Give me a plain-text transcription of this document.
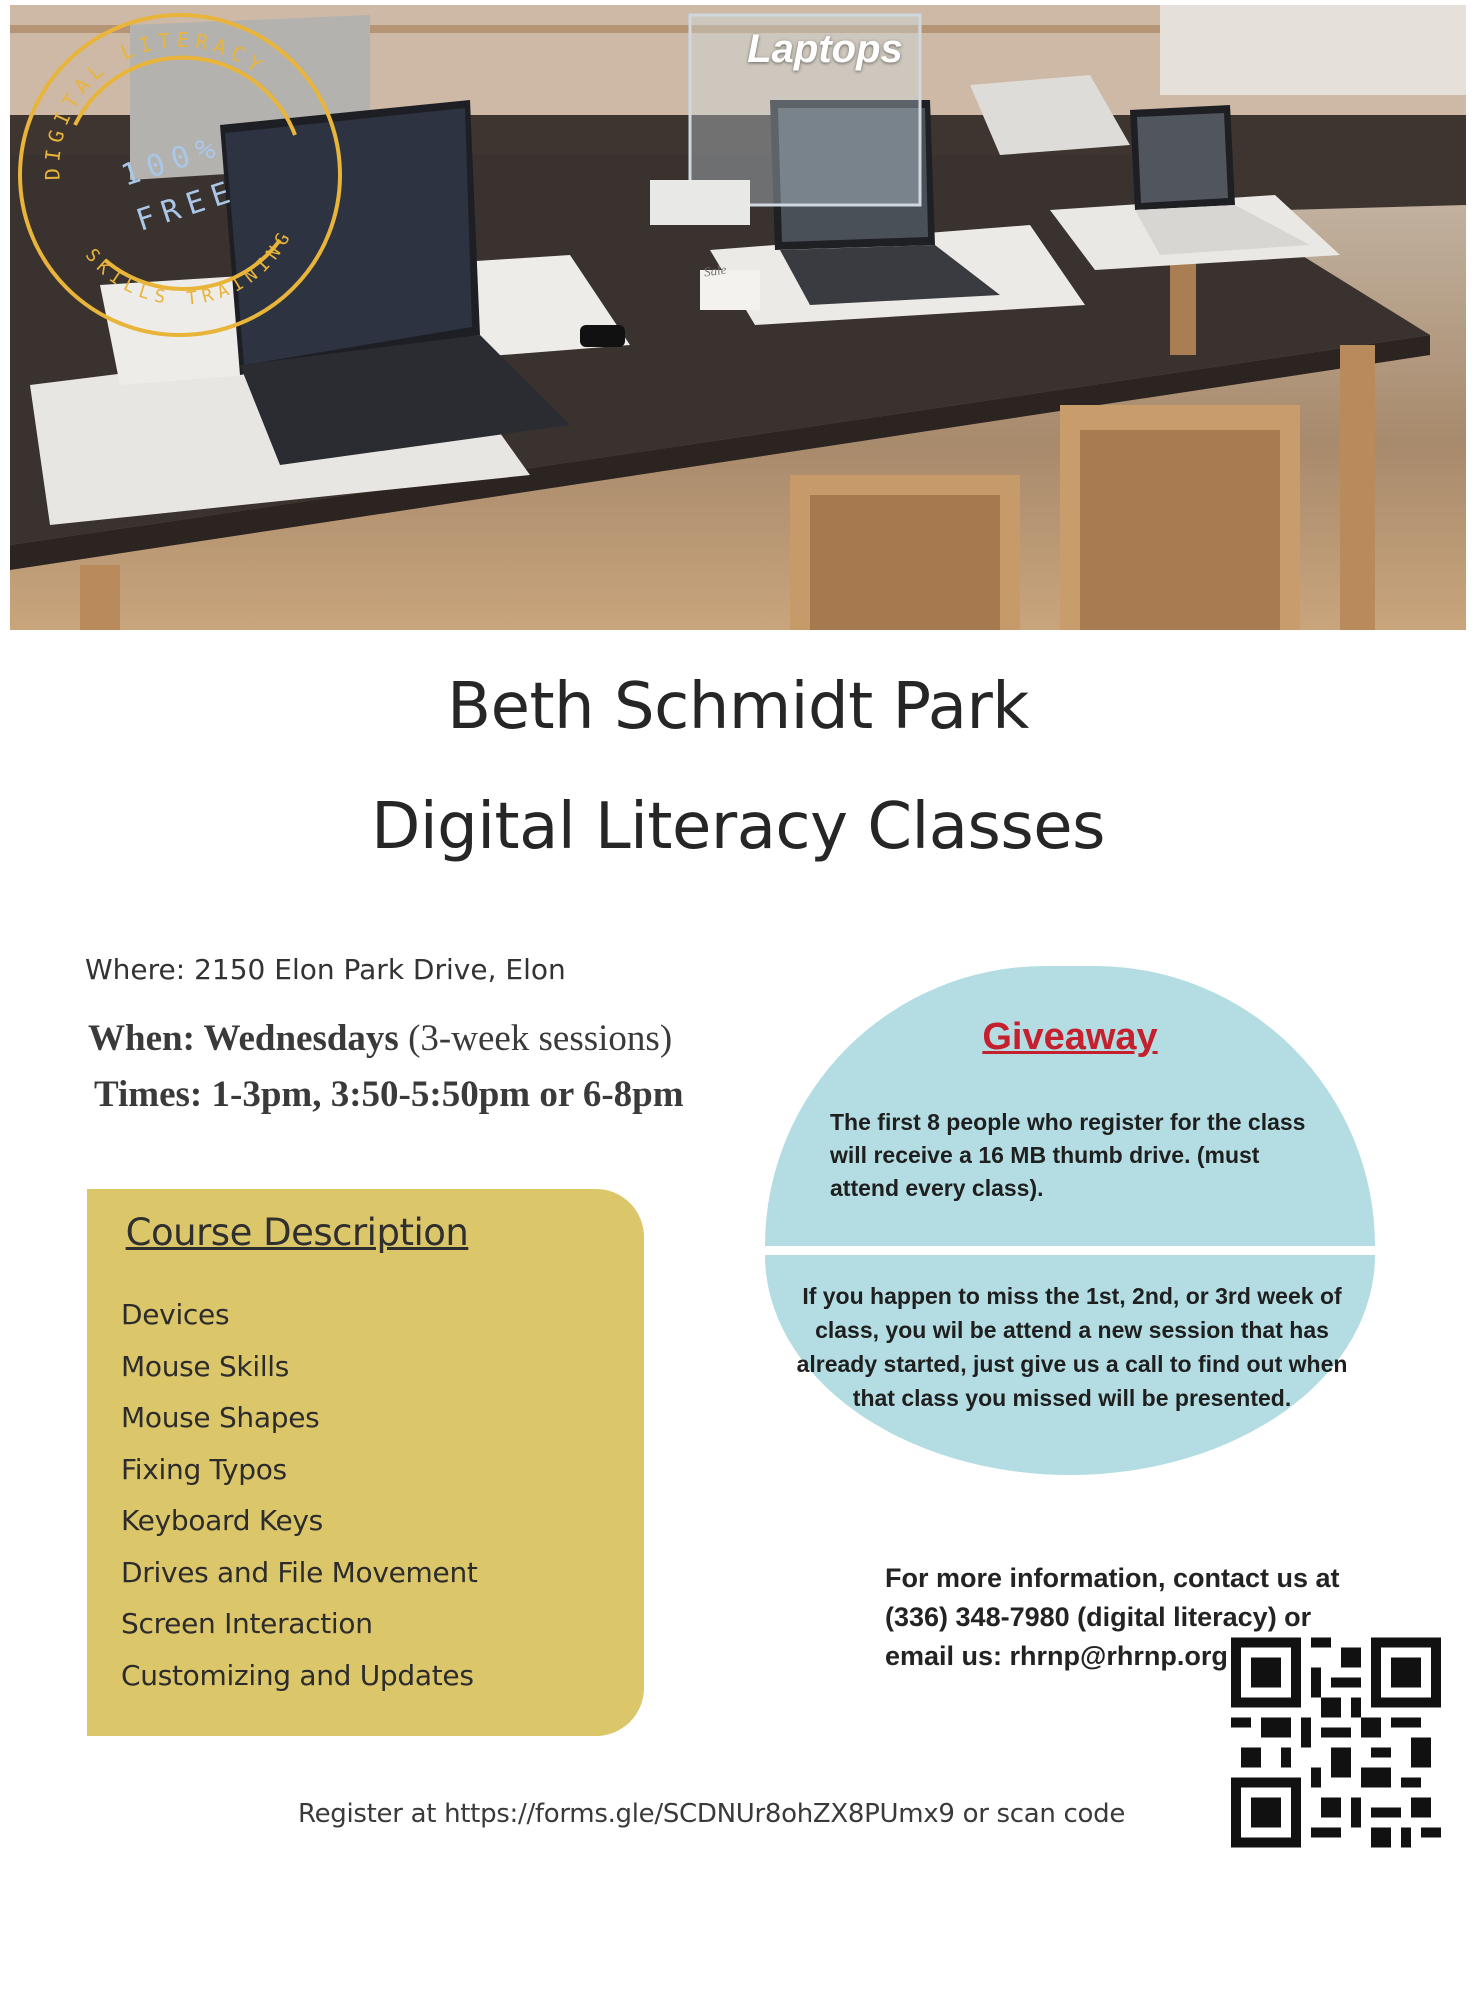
DIGITAL LITERACY
SKILLS TRAINING
100%
FREE
Laptops
Sale
Beth Schmidt Park
Digital Literacy Classes
Where: 2150 Elon Park Drive, Elon
When: Wednesdays (3-week sessions)
Times: 1-3pm, 3:50-5:50pm or 6-8pm
Course Description
Devices
Mouse Skills
Mouse Shapes
Fixing Typos
Keyboard Keys
Drives and File Movement
Screen Interaction
Customizing and Updates
Giveaway
The first 8 people who register for the class will receive a 16 MB thumb drive. (must attend every class).
If you happen to miss the 1st, 2nd, or 3rd week of class, you wil be attend a new session that has already started, just give us a call to find out when that class you missed will be presented.
For more information, contact us at (336) 348-7980 (digital literacy) or email us: rhrnp@rhrnp.org
Register at https://forms.gle/SCDNUr8ohZX8PUmx9 or scan code
